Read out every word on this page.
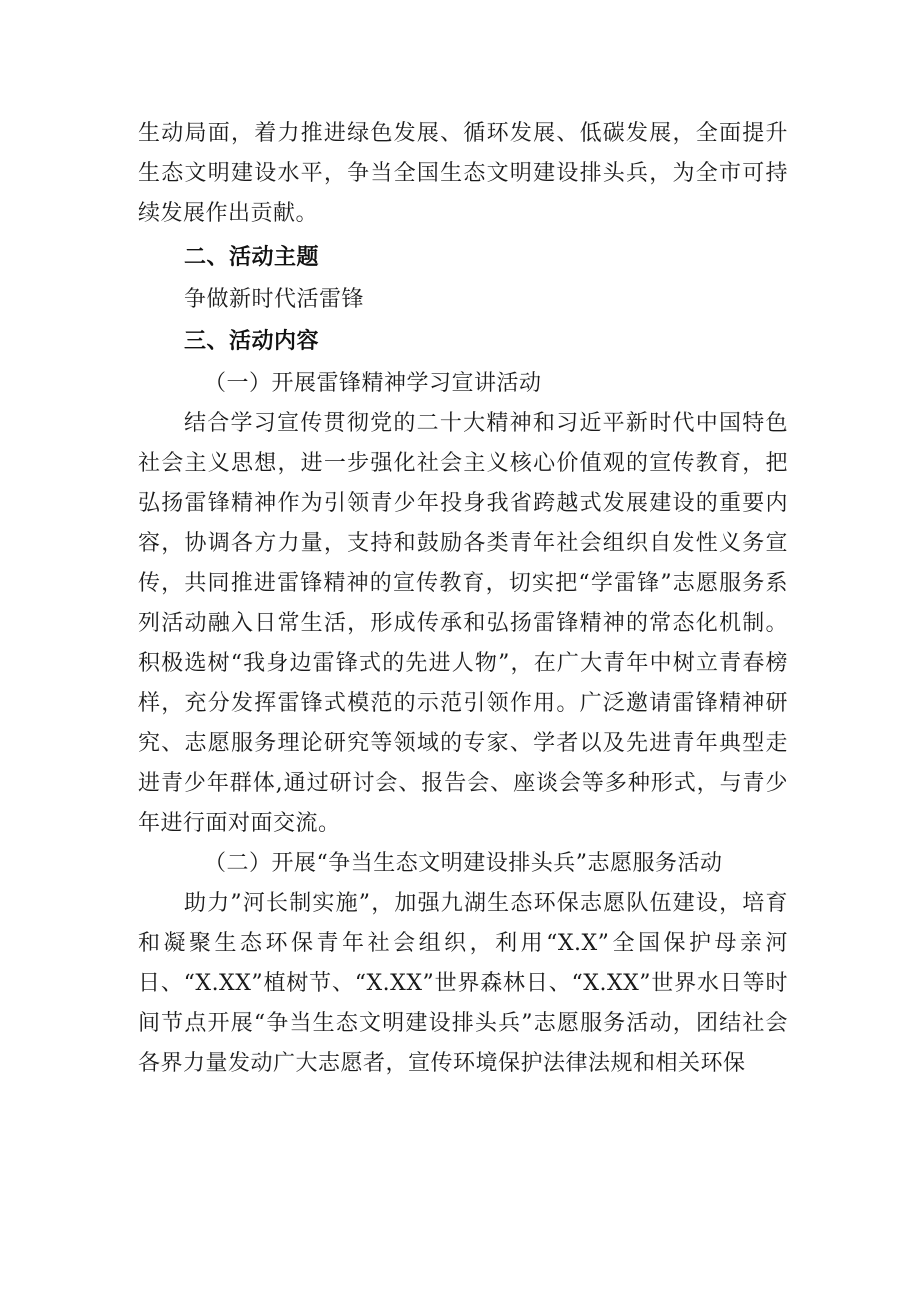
生动局面，着力推进绿色发展、循环发展、低碳发展，全面提升生态文明建设水平，争当全国生态文明建设排头兵，为全市可持续发展作出贡献。

二、活动主题

争做新时代活雷锋

三、活动内容

（一）开展雷锋精神学习宣讲活动

结合学习宣传贯彻党的二十大精神和习近平新时代中国特色社会主义思想，进一步强化社会主义核心价值观的宣传教育，把弘扬雷锋精神作为引领青少年投身我省跨越式发展建设的重要内容，协调各方力量，支持和鼓励各类青年社会组织自发性义务宣传，共同推进雷锋精神的宣传教育，切实把“学雷锋”志愿服务系列活动融入日常生活，形成传承和弘扬雷锋精神的常态化机制。积极选树“我身边雷锋式的先进人物”，在广大青年中树立青春榜样，充分发挥雷锋式模范的示范引领作用。广泛邀请雷锋精神研究、志愿服务理论研究等领域的专家、学者以及先进青年典型走进青少年群体,通过研讨会、报告会、座谈会等多种形式，与青少年进行面对面交流。

（二）开展“争当生态文明建设排头兵”志愿服务活动

助力”河长制实施”，加强九湖生态环保志愿队伍建设，培育和凝聚生态环保青年社会组织，利用“X.X”全国保护母亲河日、“X.XX”植树节、“X.XX”世界森林日、“X.XX”世界水日等时间节点开展“争当生态文明建设排头兵”志愿服务活动，团结社会各界力量发动广大志愿者，宣传环境保护法律法规和相关环保
